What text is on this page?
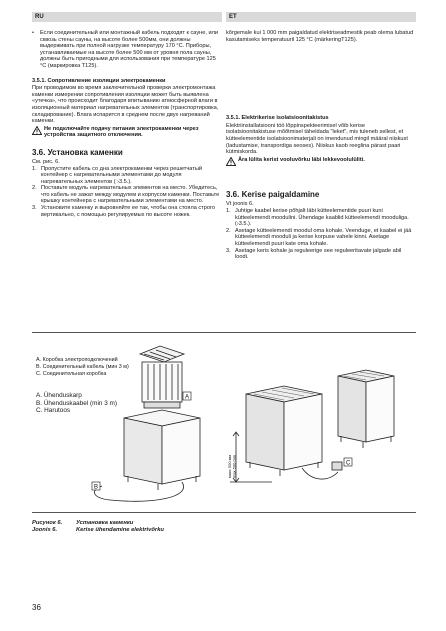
RU	ET
•	Если соединительный или монтажный кабель подходят к сауне, или сквозь стены сауны, на высоте более 500мм, они должны выдерживать при полной нагрузке температуру 170 °C. Приборы, устанавливаемые на высоте более 500 мм от уровня пола сауны, должны быть пригодными для использования при температуре 125 °C (маркировка T125).
3.5.1. Сопротивление изоляции электрокаменки
При проводимом во время заключительной проверки электромонтажа каменки измерении сопротивления изоляции может быть выявлена «утечка», что происходит благодаря впитыванию атмосферной влаги в изоляционный материал нагревательных элементов (транспортировка, складирование). Влага испарится в среднем после двух нагреваний каменки.
Не подключайте подачу питания электрокаменки через устройства защитного отключения.
3.6. Установка каменки
См. рис. 6.
1. Пропустите кабель со дна электрокаменки через решетчатый контейнер с нагревательными элементами до модуля нагревательных элементов ( ›3.5.).
2. Поставьте модуль нагревательных элементов на место. Убедитесь, что кабель не зажат между модулем и корпусом каменки. Поставьте крышку контейнера с нагревательными элементами на место.
3. Установите каменку и выровняйте ее так, чтобы она стояла строго вертикально, с помощью регулируемых по высоте ножек.
kõrgemale kui 1 000 mm paigaldatud elektriseadmestik peab olema lubatud kasutamiseks temperatuuril 125 °C (märkeringT125).
3.5.1. Elektrikerise isolatsioonitakistus
Elektriinstallatsiooni töö lõppinspekteerimisel võib kerise isolatsioonitakistuse mõõtmisel täheldada "leket", mis tuleneb sellest, et kütteelementide isolatsioonimaterjali on imendunud mingil määral niiskust (ladustamise, transpordiga seoses). Niiskus kaob reeglina pärast paari kütmiskorda.
Ära lülita kerist vooluvõrku läbi lekkevoolulüliti.
3.6. Kerise paigaldamine
Vt joonis 6.
1. Juhtige kaabel kerise põhjalt läbi kütteelementide puuri kuni kütteelemendi moodulini. Ühendage kaablid kütteelemendi mooduliga. (›3.5.).
2. Asetage kütteelemendi moodul oma kohale. Veenduge, et kaabel ei jää kütteelemendi mooduli ja kerise korpuse vahele kinni. Asetage kütteelemendi puuri kate oma kohale.
3. Asetage keris kohale ja reguleerige see reguleeritavate jalgade abil loodi.
A
B
C
макс 500 мм max 500 mm
A. Коробка электроподключений
B. Соединительный кабель (мин 3 м)
C. Соединительная коробка
A. Ühenduskarp
B. Ühenduskaabel (min 3 m)
C. Harutoos
Рисунок 6. Установка каменки
Joonis 6.	Kerise ühendamine elektrivõrku
36
